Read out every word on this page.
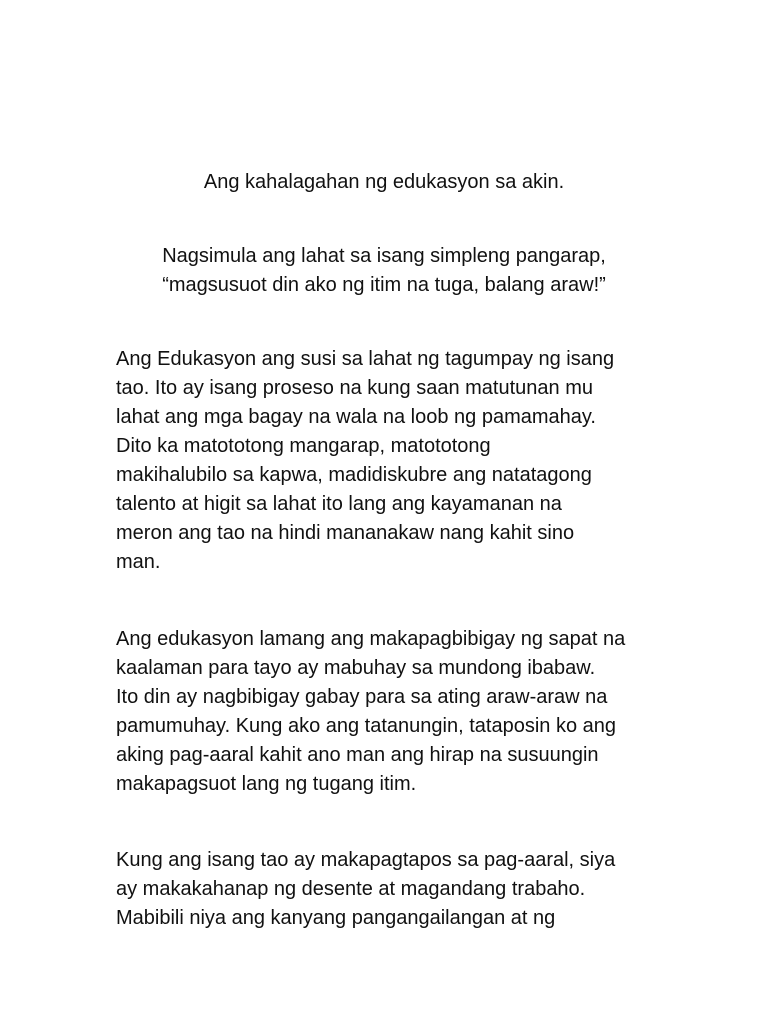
Ang kahalagahan ng edukasyon sa akin.

Nagsimula ang lahat sa isang simpleng pangarap,
“magsusuot din ako ng itim na tuga, balang araw!”

Ang Edukasyon ang susi sa lahat ng tagumpay ng isang
tao. Ito ay isang proseso na kung saan matutunan mu
lahat ang mga bagay na wala na loob ng pamamahay.
Dito ka matototong mangarap, matototong
makihalubilo sa kapwa, madidiskubre ang natatagong
talento at higit sa lahat ito lang ang kayamanan na
meron ang tao na hindi mananakaw nang kahit sino
man.

Ang edukasyon lamang ang makapagbibigay ng sapat na
kaalaman para tayo ay mabuhay sa mundong ibabaw.
Ito din ay nagbibigay gabay para sa ating araw-araw na
pamumuhay. Kung ako ang tatanungin, tataposin ko ang
aking pag-aaral kahit ano man ang hirap na susuungin
makapagsuot lang ng tugang itim.

Kung ang isang tao ay makapagtapos sa pag-aaral, siya
ay makakahanap ng desente at magandang trabaho.
Mabibili niya ang kanyang pangangailangan at ng
